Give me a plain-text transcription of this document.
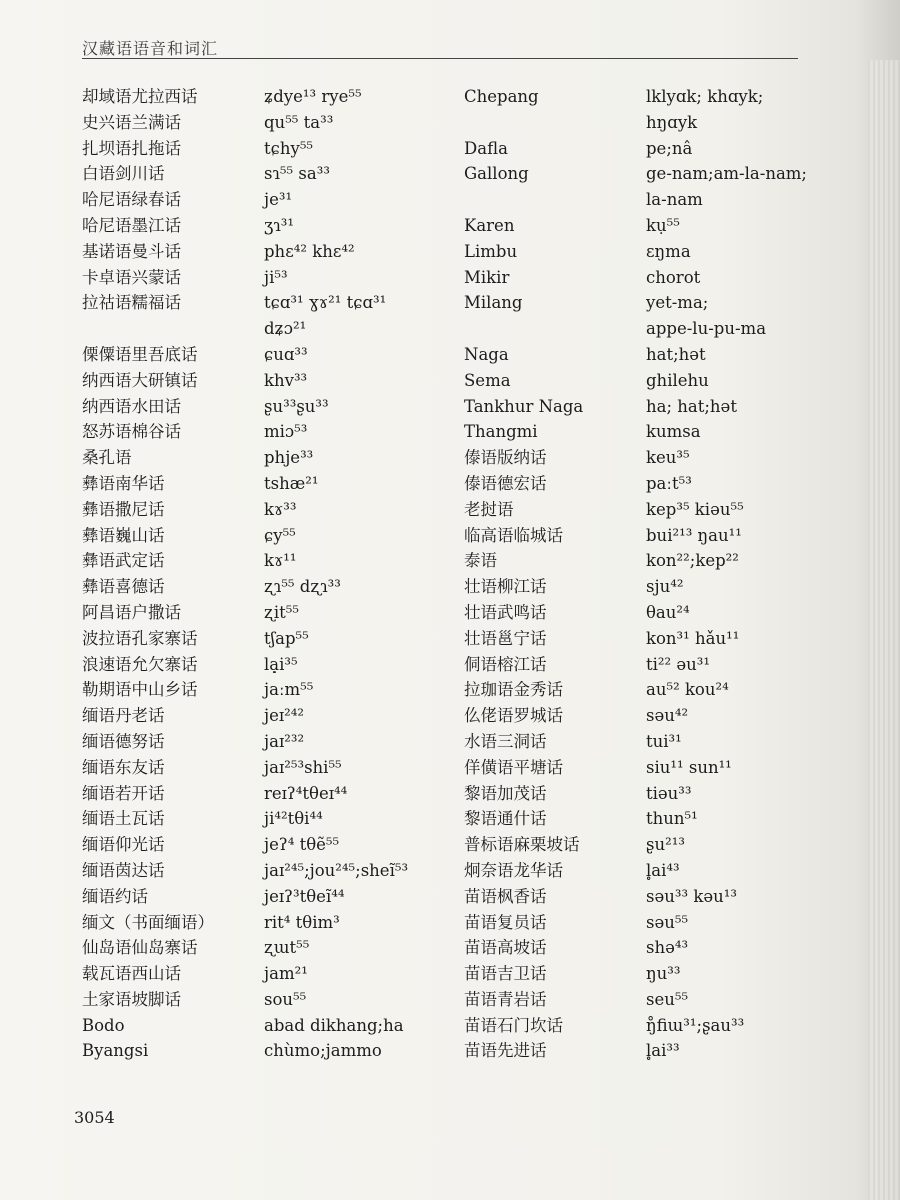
汉藏语语音和词汇
却域语尤拉西话	ʑdye¹³ rye⁵⁵
史兴语兰满话	qu⁵⁵ ta³³
扎坝语扎拖话	tɕhy⁵⁵
白语剑川话	sɿ⁵⁵ sa³³
哈尼语绿春话	je³¹
哈尼语墨江话	ʒɿ³¹
基诺语曼斗话	phɛ⁴² khɛ⁴²
卡卓语兴蒙话	ji⁵³
拉祜语糯福话	tɕɑ³¹ ɣɤ²¹ tɕɑ³¹
dʑɔ²¹
傈僳语里吾底话	ɕuɑ³³
纳西语大研镇话	khv³³
纳西语水田话	ʂu³³ʂu³³
怒苏语棉谷话	miɔ⁵³
桑孔语	phje³³
彝语南华话	tshæ²¹
彝语撒尼话	kɤ³³
彝语巍山话	ɕy⁵⁵
彝语武定话	kɤ¹¹
彝语喜德话	ʐɿ⁵⁵ dʐɿ³³
阿昌语户撒话	ʐit⁵⁵
波拉语孔家寨话	tʃap⁵⁵
浪速语允欠寨话	lạ̣i³⁵
勒期语中山乡话	jaːm⁵⁵
缅语丹老话	jeɪ²⁴²
缅语德努话	jaɪ²³²
缅语东友话	jaɪ²⁵³shi⁵⁵
缅语若开话	reɪʔ⁴tθeɪ⁴⁴
缅语土瓦话	ji⁴²tθi⁴⁴
缅语仰光话	jeʔ⁴ tθẽ⁵⁵
缅语茵达话	jaɪ²⁴⁵;jou²⁴⁵;sheĩ⁵³
缅语约话	jeɪʔ³tθeĩ⁴⁴
缅文（书面缅语）	rit⁴ tθim³
仙岛语仙岛寨话	ʐɯt⁵⁵
载瓦语西山话	jam²¹
土家语坡脚话	sou⁵⁵
Bodo	abad dikhang;ha
Byangsi	chùmo;jammo
Chepang	lklyɑk; khɑyk;
hŋɑyk
Dafla	pe;nâ
Gallong	ge-nam;am-la-nam;
la-nam
Karen	kụ⁵⁵
Limbu	ɛŋma
Mikir	chorot
Milang	yet-ma;
appe-lu-pu-ma
Naga	hat;hət
Sema	ghilehu
Tankhur Naga	ha; hat;hət
Thangmi	kumsa
傣语版纳话	keu³⁵
傣语德宏话	paːt⁵³
老挝语	kep³⁵ kiəu⁵⁵
临高语临城话	bui²¹³ ŋau¹¹
泰语	kon²²;kep²²
壮语柳江话	sju⁴²
壮语武鸣话	θau²⁴
壮语邕宁话	kon³¹ hǎu¹¹
侗语榕江话	ti²² əu³¹
拉珈语金秀话	au⁵² kou²⁴
仫佬语罗城话	səu⁴²
水语三洞话	tui³¹
佯僙语平塘话	siu¹¹ sun¹¹
黎语加茂话	tiəu³³
黎语通什话	thun⁵¹
普标语麻栗坡话	ʂu²¹³
炯奈语龙华话	l̥ai⁴³
苗语枫香话	səu³³ kəu¹³
苗语复员话	səu⁵⁵
苗语高坡话	shə⁴³
苗语吉卫话	ŋu³³
苗语青岩话	seu⁵⁵
苗语石门坎话	ŋ̊fiɯ³¹;ʂau³³
苗语先进话	l̥ai³³
3054
